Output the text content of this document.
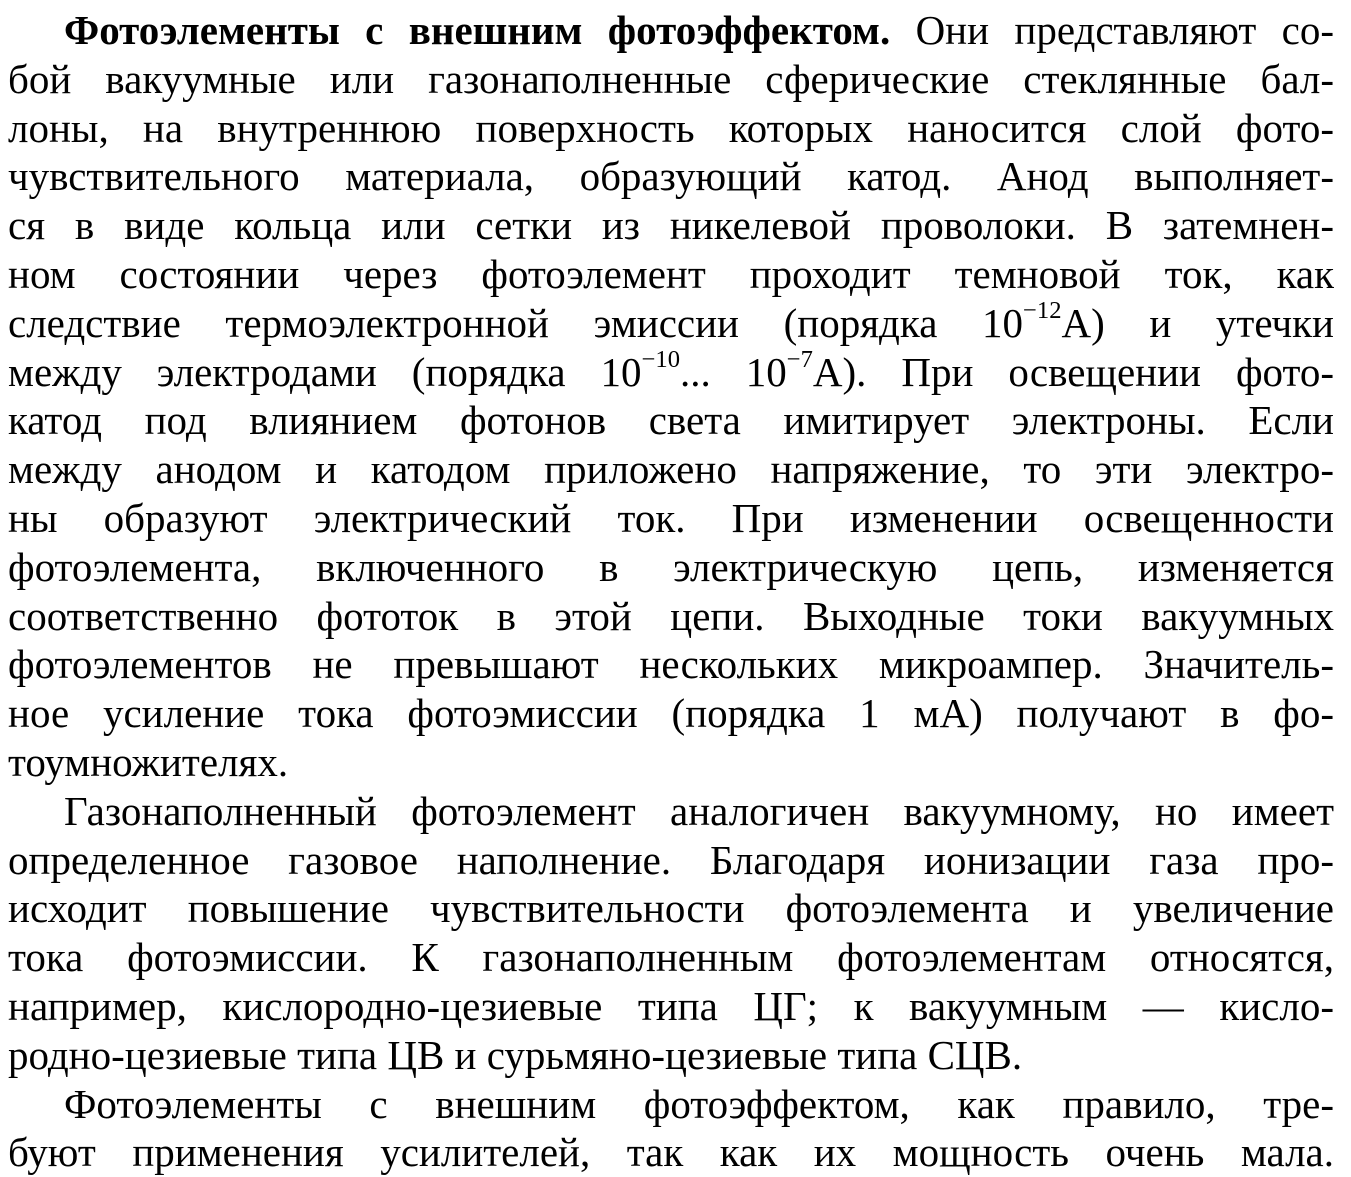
Фотоэлементы с внешним фотоэффектом. Они представляют со-
бой вакуумные или газонаполненные сферические стеклянные бал-
лоны, на внутреннюю поверхность которых наносится слой фото-
чувствительного материала, образующий катод. Анод выполняет-
ся в виде кольца или сетки из никелевой проволоки. В затемнен-
ном состоянии через фотоэлемент проходит темновой ток, как
следствие термоэлектронной эмиссии (порядка $10^{-12}А$) и утечки
между электродами (порядка $10^{-10}$... $10^{-7}А$). При освещении фото-
катод под влиянием фотонов света имитирует электроны. Если
между анодом и катодом приложено напряжение, то эти электро-
ны образуют электрический ток. При изменении освещенности
фотоэлемента, включенного в электрическую цепь, изменяется
соответственно фототок в этой цепи. Выходные токи вакуумных
фотоэлементов не превышают нескольких микроампер. Значитель-
ное усиление тока фотоэмиссии (порядка 1 мА) получают в фо-
тоумножителях.
Газонаполненный фотоэлемент аналогичен вакуумному, но имеет
определенное газовое наполнение. Благодаря ионизации газа про-
исходит повышение чувствительности фотоэлемента и увеличение
тока фотоэмиссии. К газонаполненным фотоэлементам относятся,
например, кислородно-цезиевые типа ЦГ; к вакуумным — кисло-
родно-цезиевые типа ЦВ и сурьмяно-цезиевые типа СЦВ.
Фотоэлементы с внешним фотоэффектом, как правило, тре-
буют применения усилителей, так как их мощность очень мала.
